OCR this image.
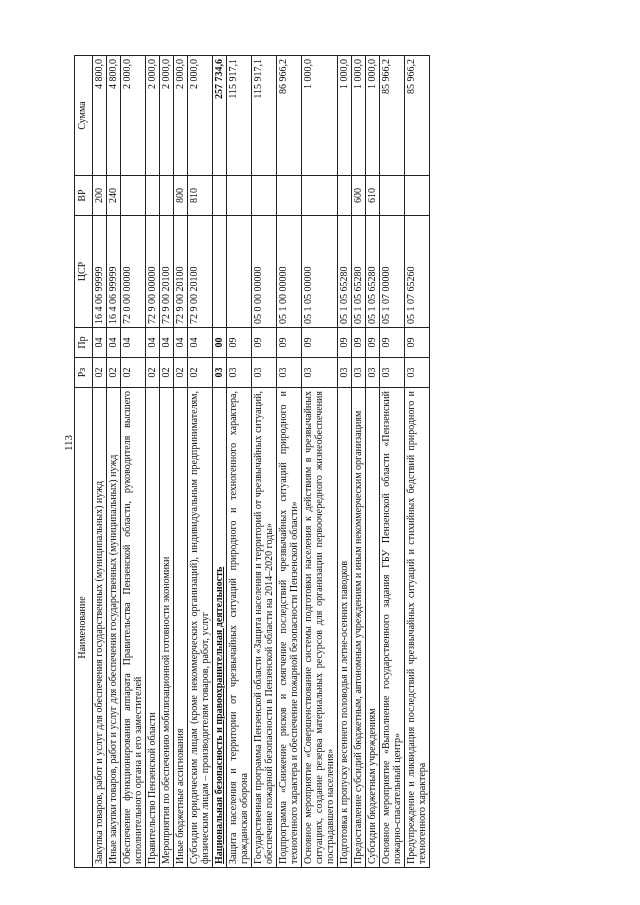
113
Наименование	Рз	Пр	ЦСР	ВР	Сумма
Закупка товаров, работ и услуг для обеспечения государственных (муниципальных) нужд	02	04	16 4 06 99999	200	4 800,0
Иные закупки товаров, работ и услуг для обеспечения государственных (муниципальных) нужд	02	04	16 4 06 99999	240	4 800,0
Обеспечение функционирования аппарата Правительства Пензенской области, руководителя высшего исполнительного органа и его заместителей	02	04	72 0 00 00000		2 000,0
Правительство Пензенской области	02	04	72 9 00 00000		2 000,0
Мероприятия по обеспечению мобилизационной готовности экономики	02	04	72 9 00 20100		2 000,0
Иные бюджетные ассигнования	02	04	72 9 00 20100	800	2 000,0
Субсидии юридическим лицам (кроме некоммерческих организаций), индивидуальным предпринимателям, физическим лицам – производителям товаров, работ, услуг	02	04	72 9 00 20100	810	2 000,0
Национальная безопасность и правоохранительная деятельность	03	00			257 734,6
Защита населения и территории от чрезвычайных ситуаций природного и техногенного характера, гражданская оборона	03	09			115 917,1
Государственная программа Пензенской области «Защита населения и территорий от чрезвычайных ситуаций, обеспечение пожарной безопасности в Пензенской области на 2014–2020 годы»	03	09	05 0 00 00000		115 917,1
Подпрограмма «Снижение рисков и смягчение последствий чрезвычайных ситуаций природного и техногенного характера и обеспечение пожарной безопасности Пензенской области»	03	09	05 1 00 00000		86 966,2
Основное мероприятие «Совершенствование системы подготовки населения к действиям в чрезвычайных ситуациях, создание резерва материальных ресурсов для организации первоочередного жизнеобеспечения пострадавшего населения»	03	09	05 1 05 00000		1 000,0
Подготовка к пропуску весеннего половодья и летне-осенних паводков	03	09	05 1 05 65280		1 000,0
Предоставление субсидий бюджетным, автономным учреждениям и иным некоммерческим организациям	03	09	05 1 05 65280	600	1 000,0
Субсидии бюджетным учреждениям	03	09	05 1 05 65280	610	1 000,0
Основное мероприятие «Выполнение государственного задания ГБУ Пензенской области «Пензенский пожарно-спасательный центр»	03	09	05 1 07 00000		85 966,2
Предупреждение и ликвидация последствий чрезвычайных ситуаций и стихийных бедствий природного и техногенного характера	03	09	05 1 07 65260		85 966,2
